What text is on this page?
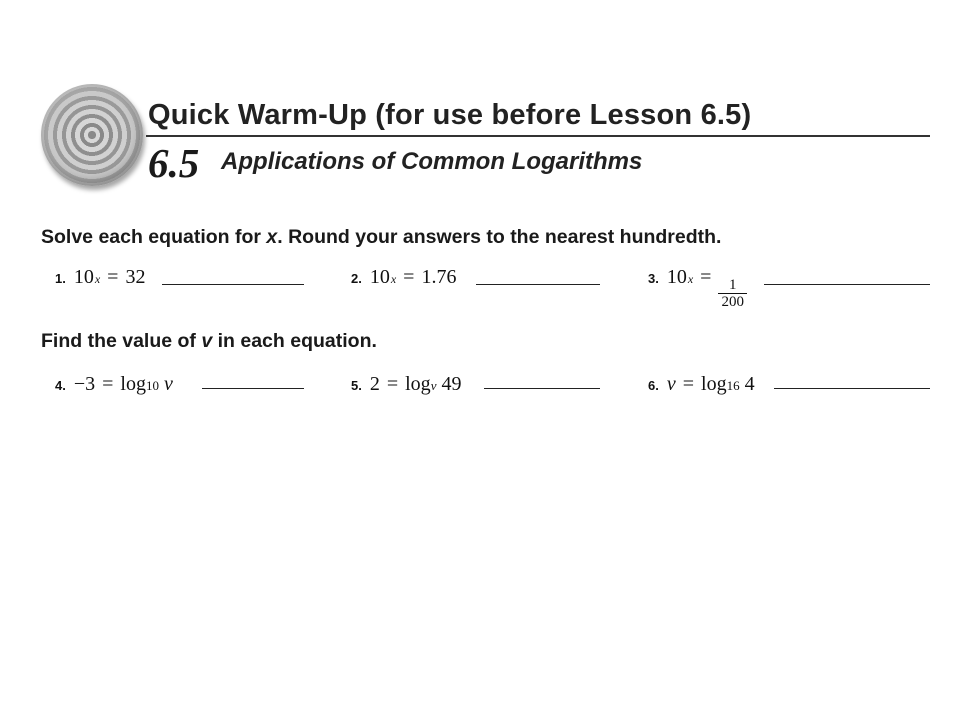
Quick Warm-Up (for use before Lesson 6.5)
6.5 Applications of Common Logarithms
Solve each equation for x. Round your answers to the nearest hundredth.
1. 10 x = 32	2. 10 x = 1.76	3. 10 $x = \frac{1}{200}$
Find the value of v in each equation.
4. −3 = log 10 v	5. 2 = log v 49	6. v = log 16 4
